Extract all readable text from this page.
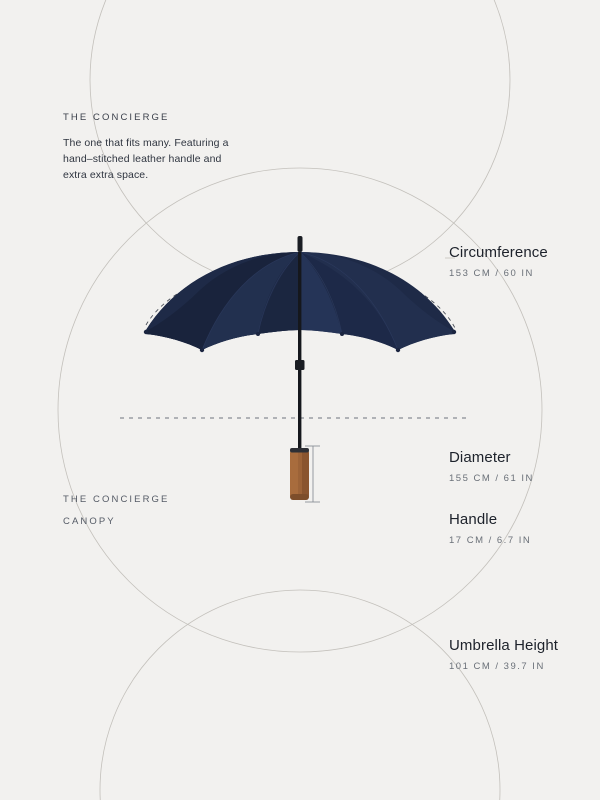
THE CONCIERGE
The one that fits many. Featuring a hand–stitched leather handle and extra extra space.
THE CONCIERGE
CANOPY
Circumference
153 CM / 60 IN
Diameter
155 CM / 61 IN
Handle
17 CM / 6.7 IN
Umbrella Height
101 CM / 39.7 IN
